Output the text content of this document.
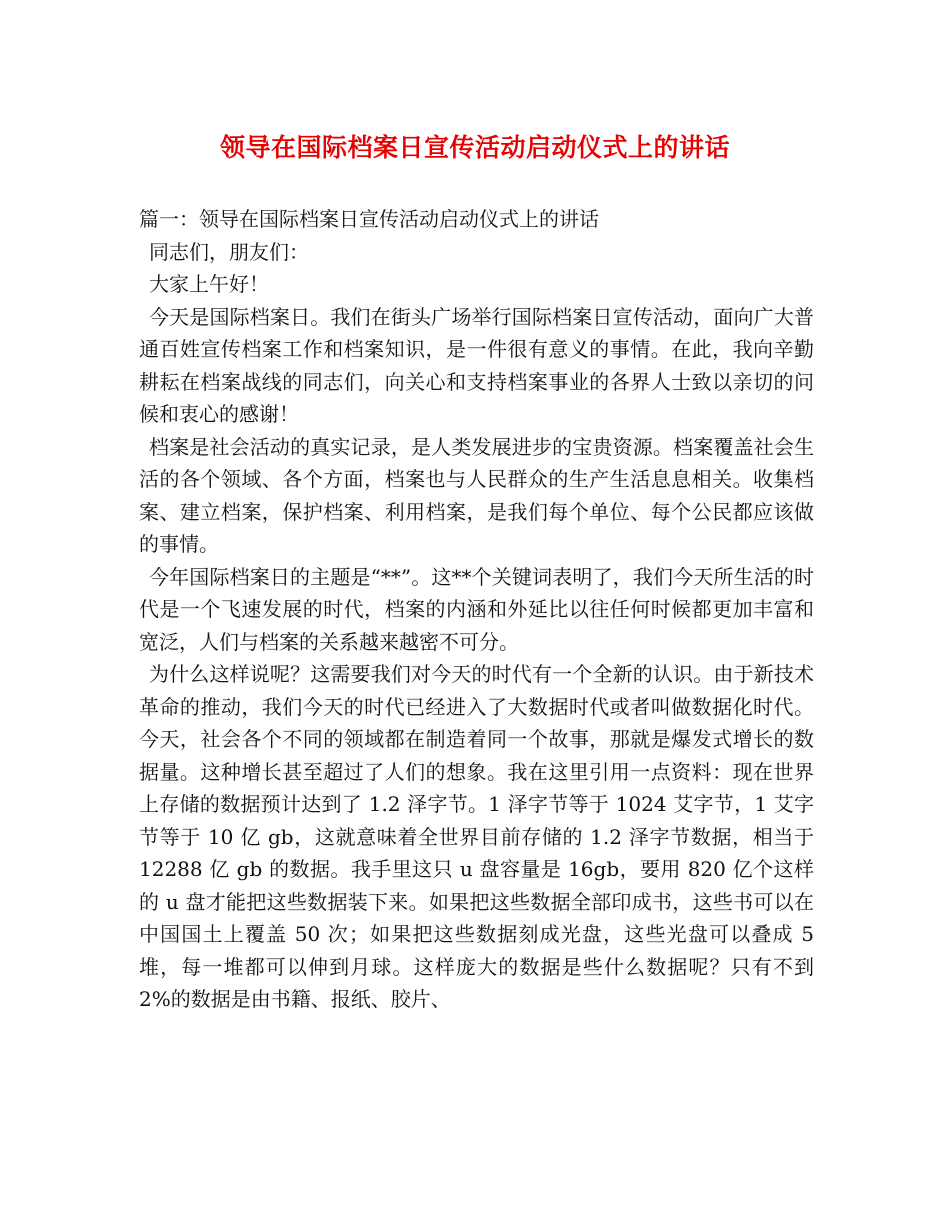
领导在国际档案日宣传活动启动仪式上的讲话

篇一：领导在国际档案日宣传活动启动仪式上的讲话

同志们，朋友们：

大家上午好！

今天是国际档案日。我们在街头广场举行国际档案日宣传活动，面向广大普通百姓宣传档案工作和档案知识，是一件很有意义的事情。在此，我向辛勤耕耘在档案战线的同志们，向关心和支持档案事业的各界人士致以亲切的问候和衷心的感谢！

档案是社会活动的真实记录，是人类发展进步的宝贵资源。档案覆盖社会生活的各个领域、各个方面，档案也与人民群众的生产生活息息相关。收集档案、建立档案，保护档案、利用档案，是我们每个单位、每个公民都应该做的事情。

今年国际档案日的主题是“**”。这**个关键词表明了，我们今天所生活的时代是一个飞速发展的时代，档案的内涵和外延比以往任何时候都更加丰富和宽泛，人们与档案的关系越来越密不可分。

为什么这样说呢？这需要我们对今天的时代有一个全新的认识。由于新技术革命的推动，我们今天的时代已经进入了大数据时代或者叫做数据化时代。今天，社会各个不同的领域都在制造着同一个故事，那就是爆发式增长的数据量。这种增长甚至超过了人们的想象。我在这里引用一点资料：现在世界上存储的数据预计达到了 1.2 泽字节。1 泽字节等于 1024 艾字节，1 艾字节等于 10 亿 gb，这就意味着全世界目前存储的 1.2 泽字节数据，相当于 12288 亿 gb 的数据。我手里这只 u 盘容量是 16gb，要用 820 亿个这样的 u 盘才能把这些数据装下来。如果把这些数据全部印成书，这些书可以在中国国土上覆盖 50 次；如果把这些数据刻成光盘，这些光盘可以叠成 5 堆，每一堆都可以伸到月球。这样庞大的数据是些什么数据呢？只有不到 2%的数据是由书籍、报纸、胶片、
